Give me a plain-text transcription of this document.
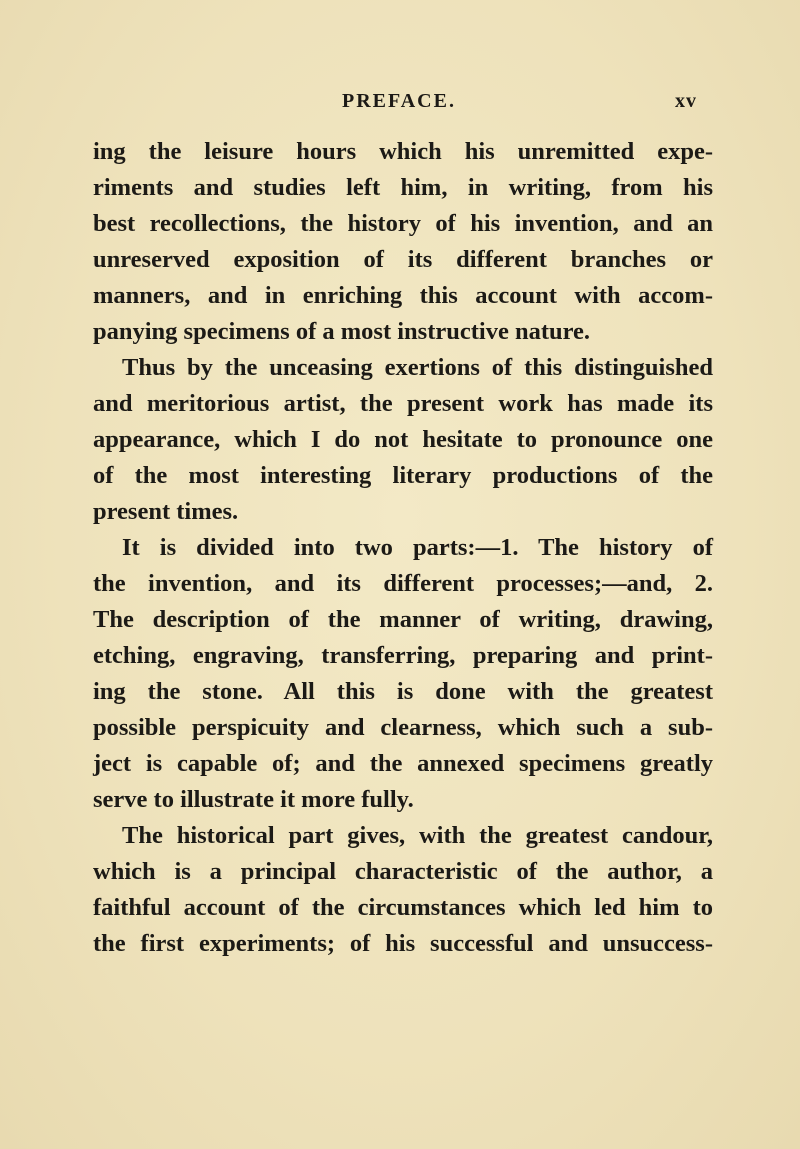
PREFACE.	xv
ing the leisure hours which his unremitted expe-
riments and studies left him, in writing, from his
best recollections, the history of his invention, and an
unreserved exposition of its different branches or
manners, and in enriching this account with accom-
panying specimens of a most instructive nature.
Thus by the unceasing exertions of this distinguished
and meritorious artist, the present work has made its
appearance, which I do not hesitate to pronounce one
of the most interesting literary productions of the
present times.
It is divided into two parts:—1. The history of
the invention, and its different processes;—and, 2.
The description of the manner of writing, drawing,
etching, engraving, transferring, preparing and print-
ing the stone. All this is done with the greatest
possible perspicuity and clearness, which such a sub-
ject is capable of; and the annexed specimens greatly
serve to illustrate it more fully.
The historical part gives, with the greatest candour,
which is a principal characteristic of the author, a
faithful account of the circumstances which led him to
the first experiments; of his successful and unsuccess-
